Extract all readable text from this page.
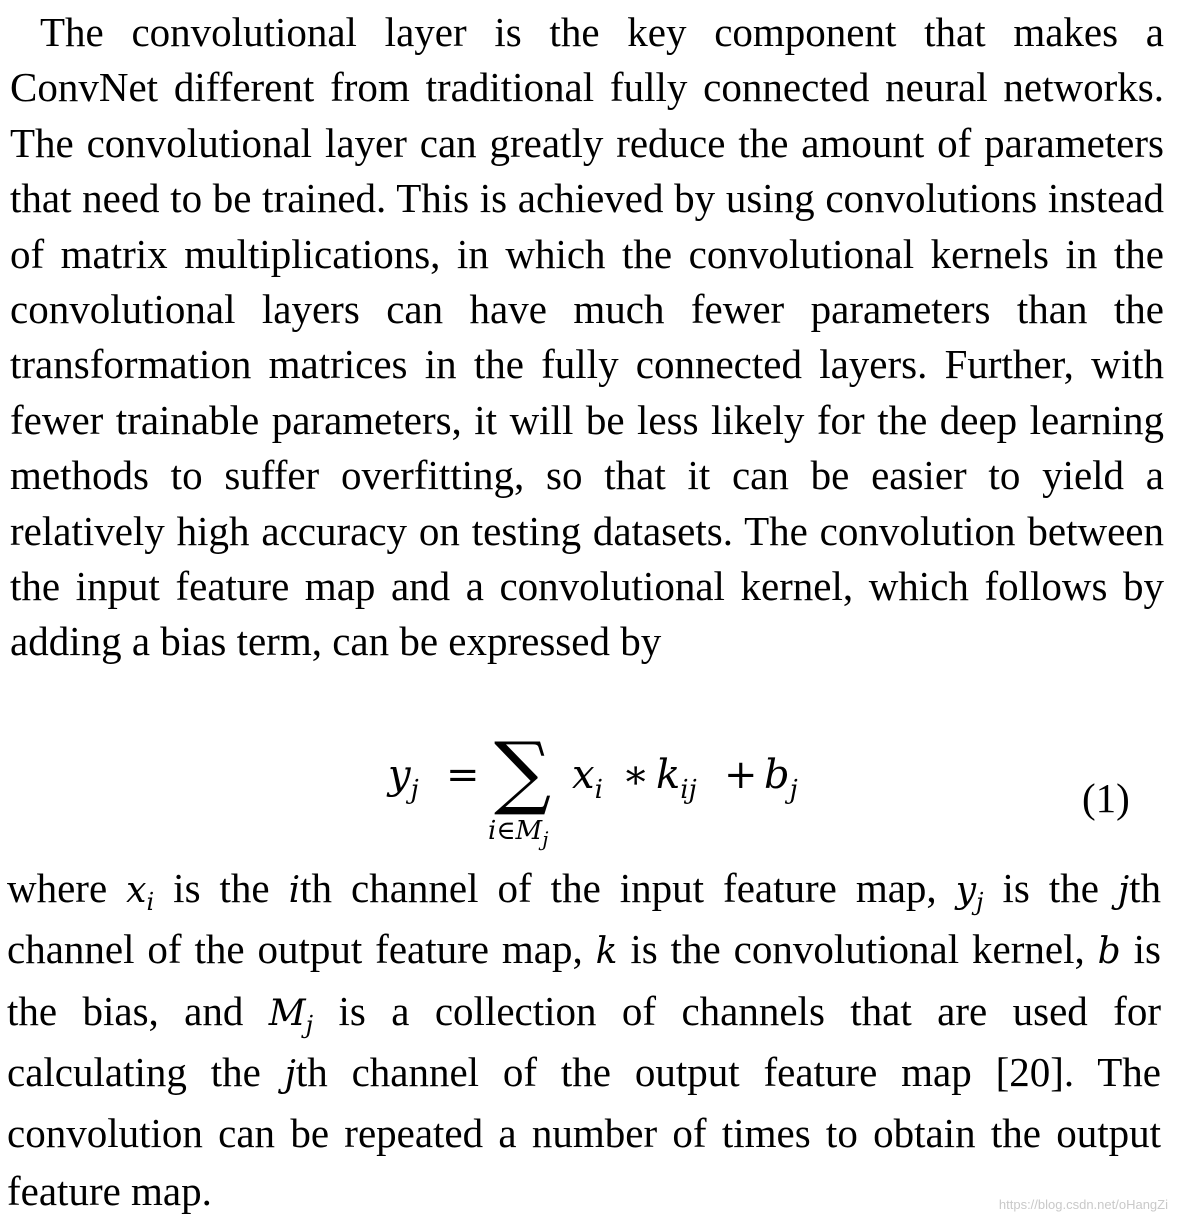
The convolutional layer is the key component that makes a ConvNet different from traditional fully connected neural networks. The convolutional layer can greatly reduce the amount of parameters that need to be trained. This is achieved by using convolutions instead of matrix multiplications, in which the convolutional kernels in the convolutional layers can have much fewer parameters than the transformation matrices in the fully connected layers. Further, with fewer trainable parameters, it will be less likely for the deep learning methods to suffer overfitting, so that it can be easier to yield a relatively high accuracy on testing datasets. The convolution between the input feature map and a convolutional kernel, which follows by adding a bias term, can be expressed by

$y_j$ = ∑
$i\in M_j$
$x_i$ ∗ $k_{ij} + b_j$	(1)

where $x_i$ is the ith channel of the input feature map, $y_j$ is the jth channel of the output feature map, k is the convolutional kernel, b is the bias, and $M_j$ is a collection of channels that are used for calculating the jth channel of the output feature map [20]. The convolution can be repeated a number of times to obtain the output feature map.	https://blog.csdn.net/oHangZi
